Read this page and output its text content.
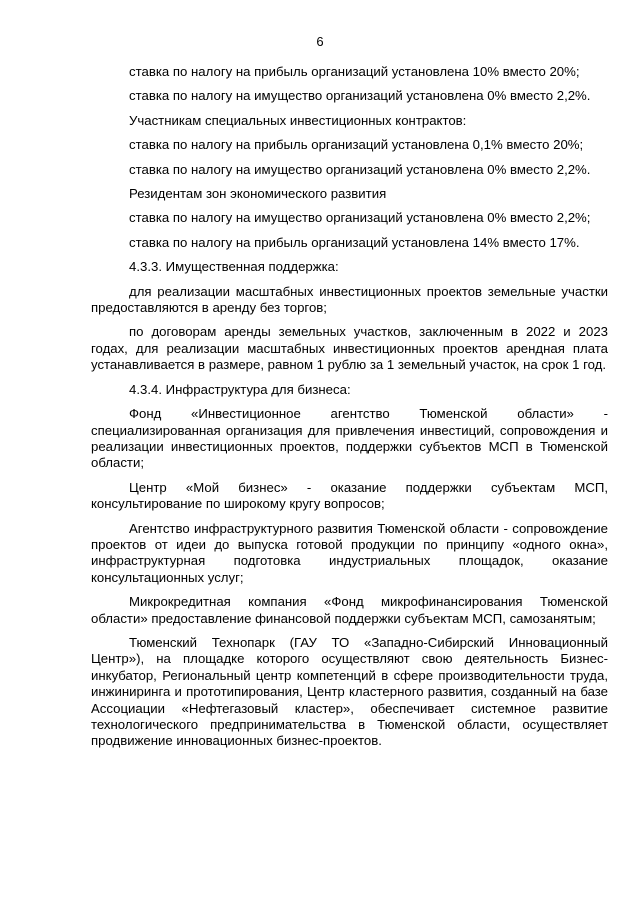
6

ставка по налогу на прибыль организаций установлена 10% вместо 20%;

ставка по налогу на имущество организаций установлена 0% вместо 2,2%.

Участникам специальных инвестиционных контрактов:

ставка по налогу на прибыль организаций установлена 0,1% вместо 20%;

ставка по налогу на имущество организаций установлена 0% вместо 2,2%.

Резидентам зон экономического развития

ставка по налогу на имущество организаций установлена 0% вместо 2,2%;

ставка по налогу на прибыль организаций установлена 14% вместо 17%.

4.3.3. Имущественная поддержка:

для реализации масштабных инвестиционных проектов земельные участки предоставляются в аренду без торгов;

по договорам аренды земельных участков, заключенным в 2022 и 2023 годах, для реализации масштабных инвестиционных проектов арендная плата устанавливается в размере, равном 1 рублю за 1 земельный участок, на срок 1 год.

4.3.4. Инфраструктура для бизнеса:

Фонд «Инвестиционное агентство Тюменской области» - специализированная организация для привлечения инвестиций, сопровождения и реализации инвестиционных проектов, поддержки субъектов МСП в Тюменской области;

Центр «Мой бизнес» - оказание поддержки субъектам МСП, консультирование по широкому кругу вопросов;

Агентство инфраструктурного развития Тюменской области - сопровождение проектов от идеи до выпуска готовой продукции по принципу «одного окна», инфраструктурная подготовка индустриальных площадок, оказание консультационных услуг;

Микрокредитная компания «Фонд микрофинансирования Тюменской области» предоставление финансовой поддержки субъектам МСП, самозанятым;

Тюменский Технопарк (ГАУ ТО «Западно-Сибирский Инновационный Центр»), на площадке которого осуществляют свою деятельность Бизнес-инкубатор, Региональный центр компетенций в сфере производительности труда, инжиниринга и прототипирования, Центр кластерного развития, созданный на базе Ассоциации «Нефтегазовый кластер», обеспечивает системное развитие технологического предпринимательства в Тюменской области, осуществляет продвижение инновационных бизнес-проектов.
